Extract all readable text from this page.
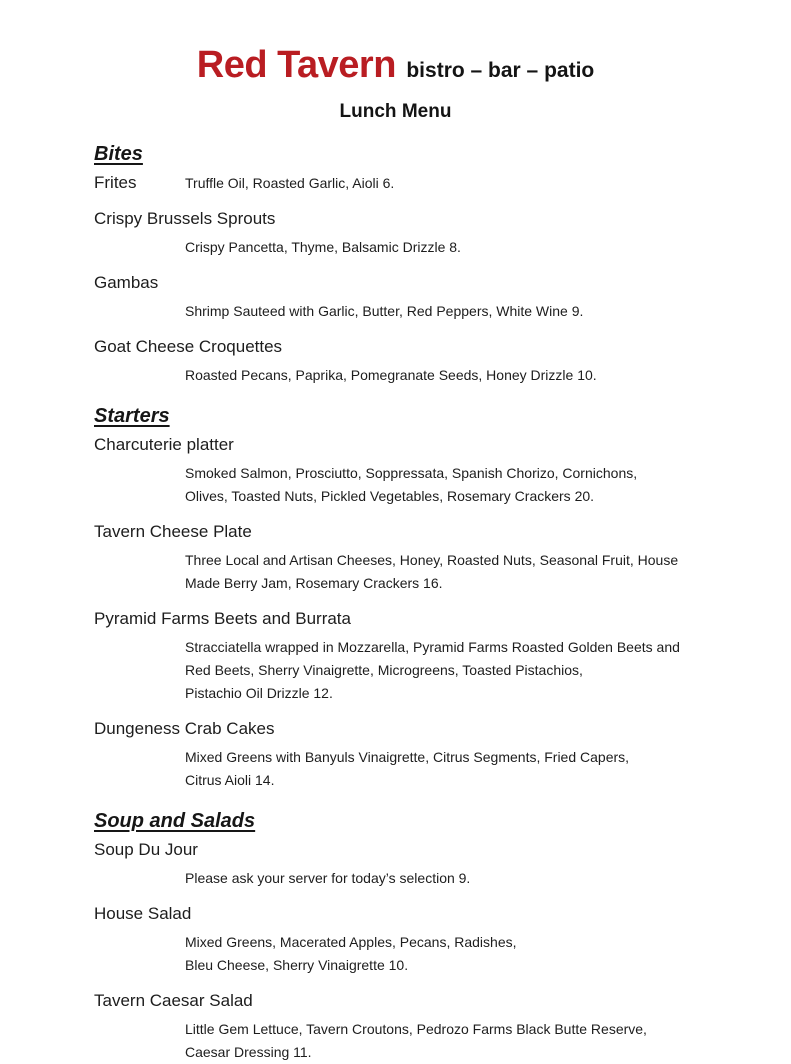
Red Tavern bistro – bar – patio
Lunch Menu
Bites
Frites	Truffle Oil, Roasted Garlic, Aioli 6.
Crispy Brussels Sprouts
Crispy Pancetta, Thyme, Balsamic Drizzle 8.
Gambas
Shrimp Sauteed with Garlic, Butter, Red Peppers, White Wine 9.
Goat Cheese Croquettes
Roasted Pecans, Paprika, Pomegranate Seeds, Honey Drizzle 10.
Starters
Charcuterie platter
Smoked Salmon, Prosciutto, Soppressata, Spanish Chorizo, Cornichons,
Olives, Toasted Nuts, Pickled Vegetables, Rosemary Crackers 20.
Tavern Cheese Plate
Three Local and Artisan Cheeses, Honey, Roasted Nuts, Seasonal Fruit, House
Made Berry Jam, Rosemary Crackers 16.
Pyramid Farms Beets and Burrata
Stracciatella wrapped in Mozzarella, Pyramid Farms Roasted Golden Beets and
Red Beets, Sherry Vinaigrette, Microgreens, Toasted Pistachios,
Pistachio Oil Drizzle 12.
Dungeness Crab Cakes
Mixed Greens with Banyuls Vinaigrette, Citrus Segments, Fried Capers,
Citrus Aioli 14.
Soup and Salads
Soup Du Jour
Please ask your server for today’s selection 9.
House Salad
Mixed Greens, Macerated Apples, Pecans, Radishes,
Bleu Cheese, Sherry Vinaigrette 10.
Tavern Caesar Salad
Little Gem Lettuce, Tavern Croutons, Pedrozo Farms Black Butte Reserve,
Caesar Dressing 11.
